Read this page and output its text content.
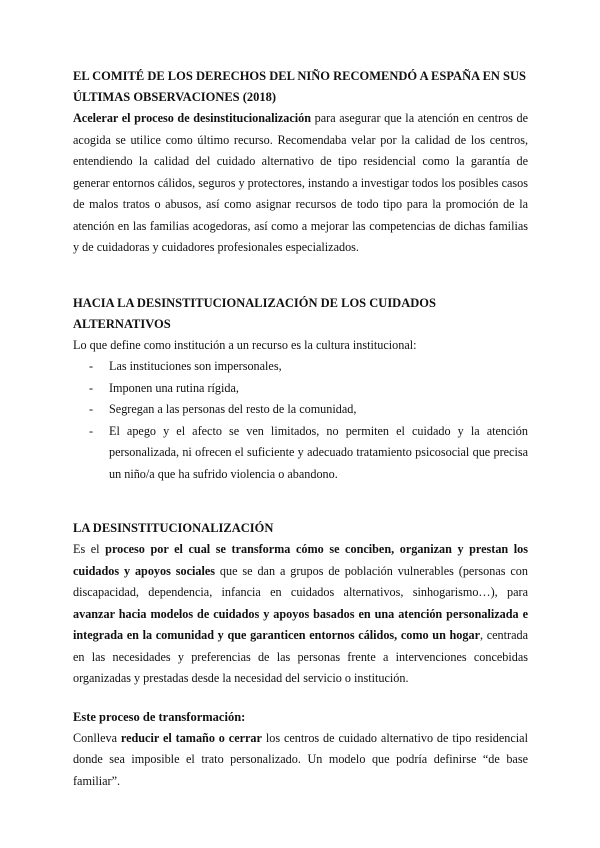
EL COMITÉ DE LOS DERECHOS DEL NIÑO RECOMENDÓ A ESPAÑA EN SUS
ÚLTIMAS OBSERVACIONES (2018)

Acelerar el proceso de desinstitucionalización para asegurar que la atención en centros de acogida se utilice como último recurso. Recomendaba velar por la calidad de los centros, entendiendo la calidad del cuidado alternativo de tipo residencial como la garantía de generar entornos cálidos, seguros y protectores, instando a investigar todos los posibles casos de malos tratos o abusos, así como asignar recursos de todo tipo para la promoción de la atención en las familias acogedoras, así como a mejorar las competencias de dichas familias y de cuidadoras y cuidadores profesionales especializados.

HACIA LA DESINSTITUCIONALIZACIÓN DE LOS CUIDADOS ALTERNATIVOS

Lo que define como institución a un recurso es la cultura institucional:

- Las instituciones son impersonales,
- Imponen una rutina rígida,
- Segregan a las personas del resto de la comunidad,
- El apego y el afecto se ven limitados, no permiten el cuidado y la atención personalizada, ni ofrecen el suficiente y adecuado tratamiento psicosocial que precisa un niño/a que ha sufrido violencia o abandono.

LA DESINSTITUCIONALIZACIÓN

Es el proceso por el cual se transforma cómo se conciben, organizan y prestan los cuidados y apoyos sociales que se dan a grupos de población vulnerables (personas con discapacidad, dependencia, infancia en cuidados alternativos, sinhogarismo…), para avanzar hacia modelos de cuidados y apoyos basados en una atención personalizada e integrada en la comunidad y que garanticen entornos cálidos, como un hogar, centrada en las necesidades y preferencias de las personas frente a intervenciones concebidas organizadas y prestadas desde la necesidad del servicio o institución.

Este proceso de transformación:

Conlleva reducir el tamaño o cerrar los centros de cuidado alternativo de tipo residencial donde sea imposible el trato personalizado. Un modelo que podría definirse “de base familiar”.
